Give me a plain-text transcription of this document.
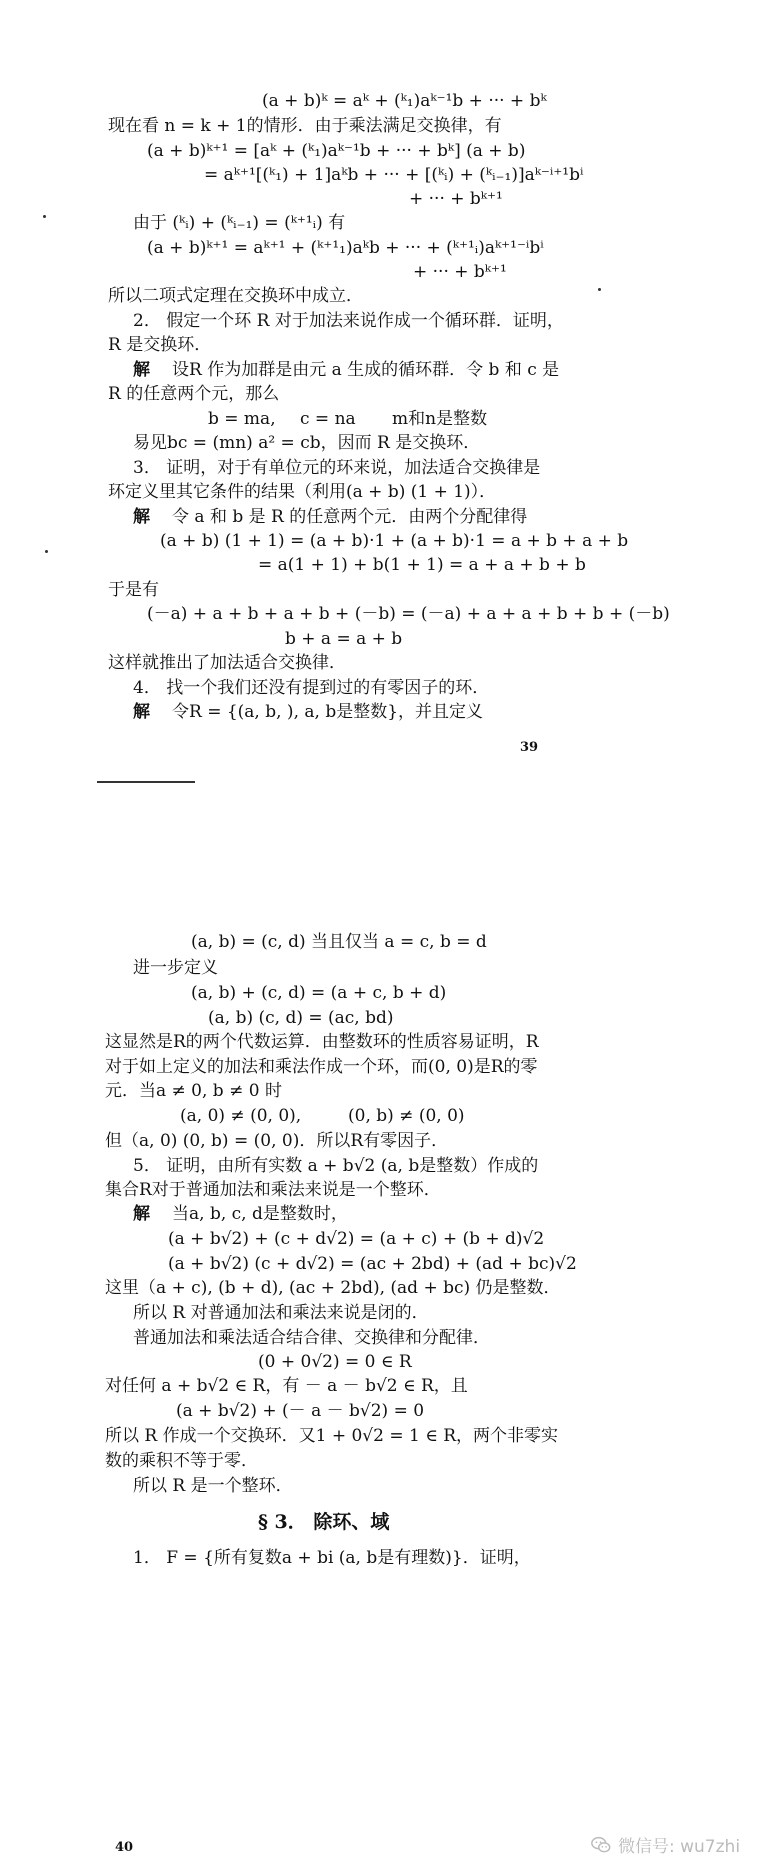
(a + b)ᵏ = aᵏ + (ᵏ₁)aᵏ⁻¹b + ··· + bᵏ
现在看 n = k + 1的情形．由于乘法满足交换律，有
(a + b)ᵏ⁺¹ = [aᵏ + (ᵏ₁)aᵏ⁻¹b + ··· + bᵏ] (a + b)
= aᵏ⁺¹[(ᵏ₁) + 1]aᵏb + ··· + [(ᵏᵢ) + (ᵏᵢ₋₁)]aᵏ⁻ⁱ⁺¹bⁱ
+ ··· + bᵏ⁺¹
由于 (ᵏᵢ) + (ᵏᵢ₋₁) = (ᵏ⁺¹ᵢ) 有
(a + b)ᵏ⁺¹ = aᵏ⁺¹ + (ᵏ⁺¹₁)aᵏb + ··· + (ᵏ⁺¹ᵢ)aᵏ⁺¹⁻ⁱbⁱ
+ ··· + bᵏ⁺¹
所以二项式定理在交换环中成立．
2． 假定一个环 R 对于加法来说作成一个循环群．证明，
R 是交换环．
解 设R 作为加群是由元 a 生成的循环群．令 b 和 c 是
R 的任意两个元，那么
b = ma, c = na m和n是整数
易见bc = (mn) a² = cb，因而 R 是交换环．
3． 证明，对于有单位元的环来说，加法适合交换律是
环定义里其它条件的结果（利用(a + b) (1 + 1)）．
解 令 a 和 b 是 R 的任意两个元．由两个分配律得
(a + b) (1 + 1) = (a + b)·1 + (a + b)·1 = a + b + a + b
= a(1 + 1) + b(1 + 1) = a + a + b + b
于是有
(－a) + a + b + a + b + (－b) = (－a) + a + a + b + b + (－b)
b + a = a + b
这样就推出了加法适合交换律．
4． 找一个我们还没有提到过的有零因子的环．
解 令R = {(a, b, ), a, b是整数}，并且定义
39
(a, b) = (c, d) 当且仅当 a = c, b = d
进一步定义
(a, b) + (c, d) = (a + c, b + d)
(a, b) (c, d) = (ac, bd)
这显然是R的两个代数运算．由整数环的性质容易证明，R
对于如上定义的加法和乘法作成一个环，而(0, 0)是R的零
元．当a ≠ 0, b ≠ 0 时
(a, 0) ≠ (0, 0),	(0, b) ≠ (0, 0)
但（a, 0) (0, b) = (0, 0)．所以R有零因子．
5． 证明，由所有实数 a + b√2 (a, b是整数）作成的
集合R对于普通加法和乘法来说是一个整环．
解 当a, b, c, d是整数时，
(a + b√2) + (c + d√2) = (a + c) + (b + d)√2
(a + b√2) (c + d√2) = (ac + 2bd) + (ad + bc)√2
这里（a + c), (b + d), (ac + 2bd), (ad + bc) 仍是整数．
所以 R 对普通加法和乘法来说是闭的．
普通加法和乘法适合结合律、交换律和分配律．
(0 + 0√2) = 0 ∈ R
对任何 a + b√2 ∈ R，有 － a － b√2 ∈ R，且
(a + b√2) + (－ a － b√2) = 0
所以 R 作成一个交换环．又1 + 0√2 = 1 ∈ R，两个非零实
数的乘积不等于零．
所以 R 是一个整环．
§ 3． 除环、域
1． F = {所有复数a + bi (a, b是有理数)}．证明，
40	微信号: wu7zhi
